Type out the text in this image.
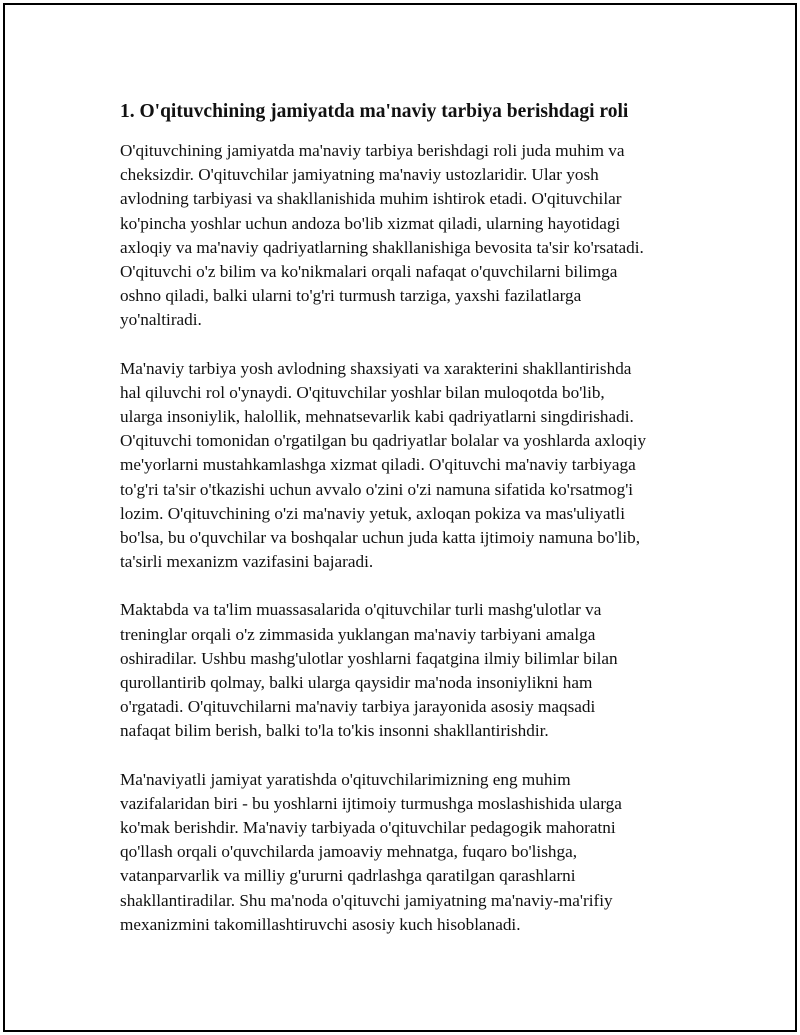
1. O'qituvchining jamiyatda ma'naviy tarbiya berishdagi roli

O'qituvchining jamiyatda ma'naviy tarbiya berishdagi roli juda muhim va
cheksizdir. O'qituvchilar jamiyatning ma'naviy ustozlaridir. Ular yosh
avlodning tarbiyasi va shakllanishida muhim ishtirok etadi. O'qituvchilar
ko'pincha yoshlar uchun andoza bo'lib xizmat qiladi, ularning hayotidagi
axloqiy va ma'naviy qadriyatlarning shakllanishiga bevosita ta'sir ko'rsatadi.
O'qituvchi o'z bilim va ko'nikmalari orqali nafaqat o'quvchilarni bilimga
oshno qiladi, balki ularni to'g'ri turmush tarziga, yaxshi fazilatlarga
yo'naltiradi.

Ma'naviy tarbiya yosh avlodning shaxsiyati va xarakterini shakllantirishda
hal qiluvchi rol o'ynaydi. O'qituvchilar yoshlar bilan muloqotda bo'lib,
ularga insoniylik, halollik, mehnatsevarlik kabi qadriyatlarni singdirishadi.
O'qituvchi tomonidan o'rgatilgan bu qadriyatlar bolalar va yoshlarda axloqiy
me'yorlarni mustahkamlashga xizmat qiladi. O'qituvchi ma'naviy tarbiyaga
to'g'ri ta'sir o'tkazishi uchun avvalo o'zini o'zi namuna sifatida ko'rsatmog'i
lozim. O'qituvchining o'zi ma'naviy yetuk, axloqan pokiza va mas'uliyatli
bo'lsa, bu o'quvchilar va boshqalar uchun juda katta ijtimoiy namuna bo'lib,
ta'sirli mexanizm vazifasini bajaradi.

Maktabda va ta'lim muassasalarida o'qituvchilar turli mashg'ulotlar va
treninglar orqali o'z zimmasida yuklangan ma'naviy tarbiyani amalga
oshiradilar. Ushbu mashg'ulotlar yoshlarni faqatgina ilmiy bilimlar bilan
qurollantirib qolmay, balki ularga qaysidir ma'noda insoniylikni ham
o'rgatadi. O'qituvchilarni ma'naviy tarbiya jarayonida asosiy maqsadi
nafaqat bilim berish, balki to'la to'kis insonni shakllantirishdir.

Ma'naviyatli jamiyat yaratishda o'qituvchilarimizning eng muhim
vazifalaridan biri - bu yoshlarni ijtimoiy turmushga moslashishida ularga
ko'mak berishdir. Ma'naviy tarbiyada o'qituvchilar pedagogik mahoratni
qo'llash orqali o'quvchilarda jamoaviy mehnatga, fuqaro bo'lishga,
vatanparvarlik va milliy g'ururni qadrlashga qaratilgan qarashlarni
shakllantiradilar. Shu ma'noda o'qituvchi jamiyatning ma'naviy-ma'rifiy
mexanizmini takomillashtiruvchi asosiy kuch hisoblanadi.
